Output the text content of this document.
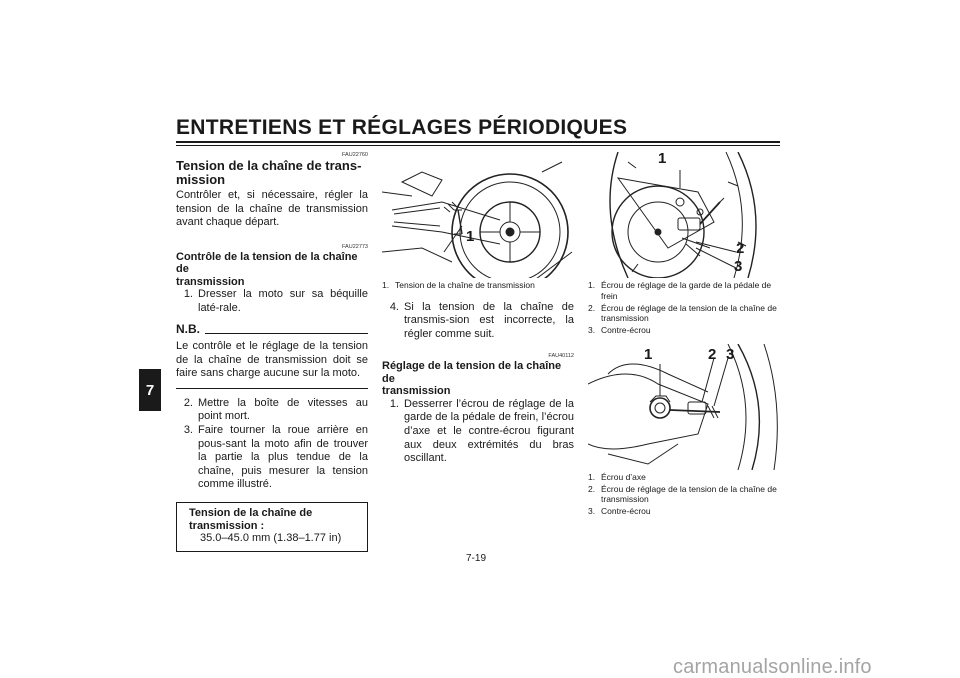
ENTRETIENS ET RÉGLAGES PÉRIODIQUES
7
FAU22760
Tension de la chaîne de trans-
mission
Contrôler et, si nécessaire, régler la tension de la chaîne de transmission avant chaque départ.
FAU22773
Contrôle de la tension de la chaîne de
transmission
1. Dresser la moto sur sa béquille laté-rale.
N.B.
Le contrôle et le réglage de la tension de la chaîne de transmission doit se faire sans charge aucune sur la moto.
2. Mettre la boîte de vitesses au point mort.
3. Faire tourner la roue arrière en pous-sant la moto afin de trouver la partie la plus tendue de la chaîne, puis mesurer la tension comme illustré.
Tension de la chaîne de
transmission :
35.0–45.0 mm (1.38–1.77 in)
1
1. Tension de la chaîne de transmission
4. Si la tension de la chaîne de transmis-sion est incorrecte, la régler comme suit.
FAU40112
Réglage de la tension de la chaîne de
transmission
1. Desserrer l’écrou de réglage de la garde de la pédale de frein, l’écrou d’axe et le contre-écrou figurant aux deux extrémités du bras oscillant.
1
2
3
1. Écrou de réglage de la garde de la pédale de frein
2. Écrou de réglage de la tension de la chaîne de transmission
3. Contre-écrou
1	2 3
1. Écrou d’axe
2. Écrou de réglage de la tension de la chaîne de transmission
3. Contre-écrou
7-19
carmanualsonline.info
